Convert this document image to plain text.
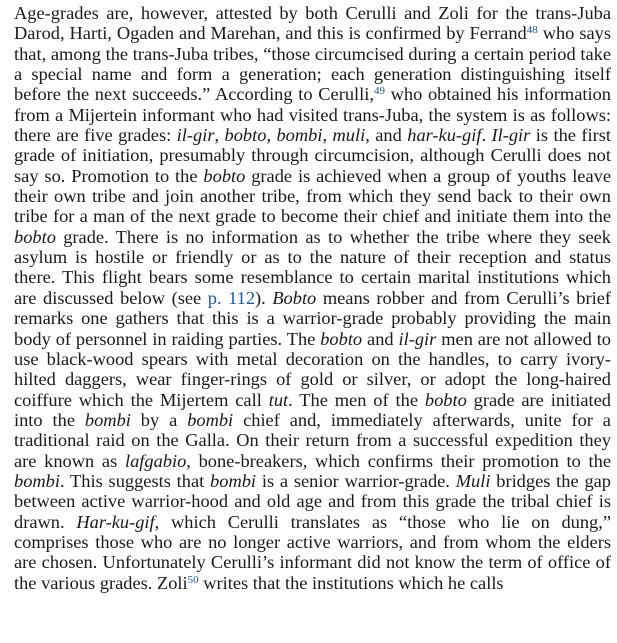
Age-grades are, however, attested by both Cerulli and Zoli for the trans-Juba Darod, Harti, Ogaden and Marehan, and this is confirmed by Ferrand$^{48}$ who says that, among the trans-Juba tribes, “those circumcised during a certain period take a special name and form a generation; each generation distinguishing itself before the next succeeds.” According to Cerulli,$^{49}$ who obtained his information from a Mijertein informant who had visited trans-Juba, the system is as follows: there are five grades: il-gir, bobto, bombi, muli, and har-ku-gif. Il-gir is the first grade of initiation, presumably through circumcision, although Cerulli does not say so. Promotion to the bobto grade is achieved when a group of youths leave their own tribe and join another tribe, from which they send back to their own tribe for a man of the next grade to become their chief and initiate them into the bobto grade. There is no information as to whether the tribe where they seek asylum is hostile or friendly or as to the nature of their reception and status there. This flight bears some resemblance to certain marital institutions which are discussed below (see p. 112). Bobto means robber and from Cerulli’s brief remarks one gathers that this is a warrior-grade probably providing the main body of personnel in raiding parties. The bobto and il-gir men are not allowed to use black-wood spears with metal decoration on the handles, to carry ivory-hilted daggers, wear finger-rings of gold or silver, or adopt the long-haired coiffure which the Mijertem call tut. The men of the bobto grade are initiated into the bombi by a bombi chief and, immediately afterwards, unite for a traditional raid on the Galla. On their return from a successful expedition they are known as lafgabio, bone-breakers, which confirms their promotion to the bombi. This suggests that bombi is a senior warrior-grade. Muli bridges the gap between active warrior-hood and old age and from this grade the tribal chief is drawn. Har-ku-gif, which Cerulli translates as “those who lie on dung,” comprises those who are no longer active warriors, and from whom the elders are chosen. Unfortunately Cerulli’s informant did not know the term of office of the various grades. Zoli$^{50}$ writes that the institutions which he calls
